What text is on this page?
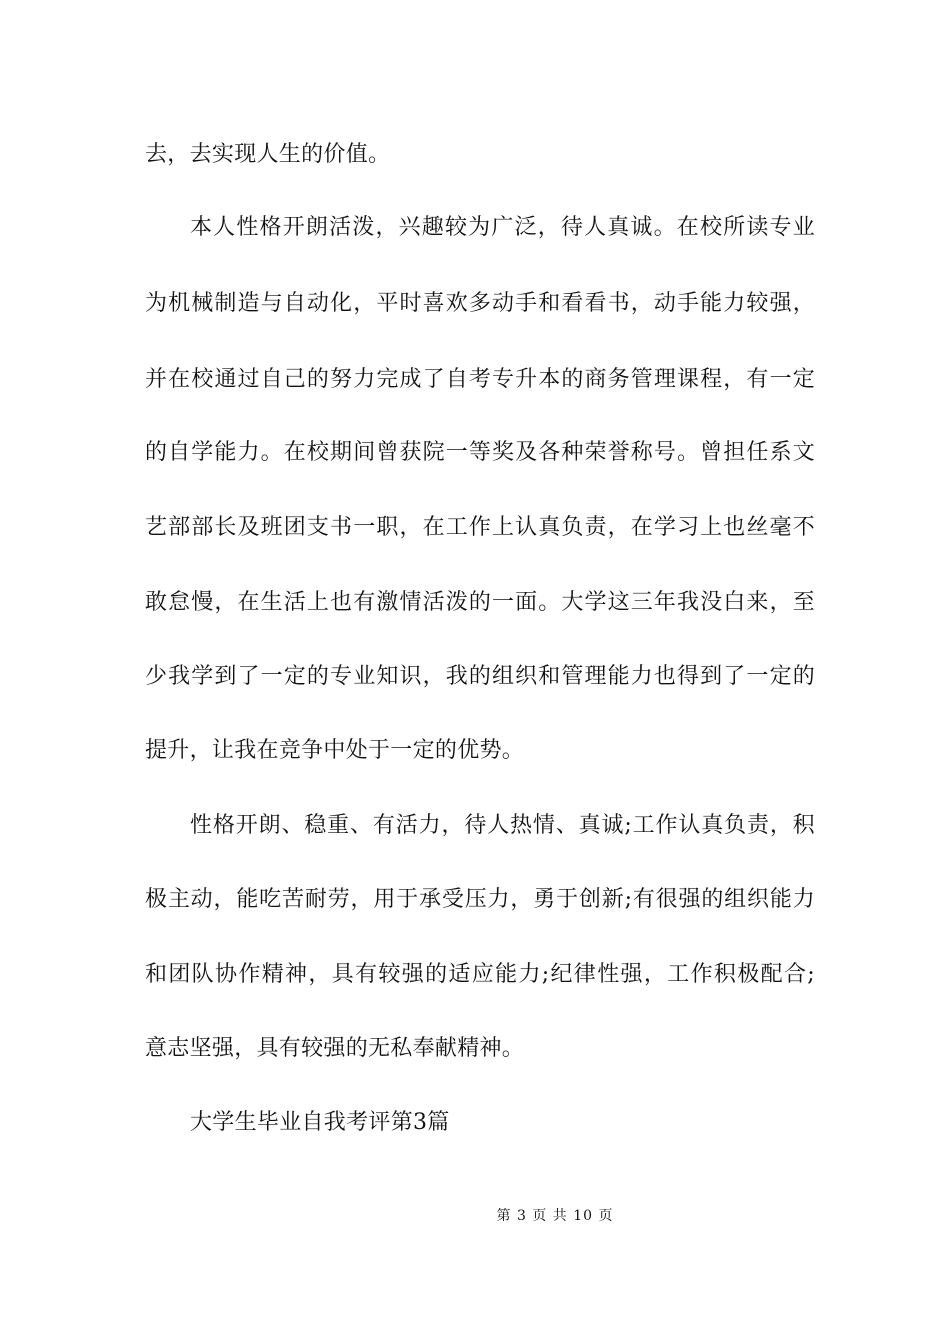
去，去实现人生的价值。
本人性格开朗活泼，兴趣较为广泛，待人真诚。在校所读专业
为机械制造与自动化，平时喜欢多动手和看看书，动手能力较强，
并在校通过自己的努力完成了自考专升本的商务管理课程，有一定
的自学能力。在校期间曾获院一等奖及各种荣誉称号。曾担任系文
艺部部长及班团支书一职，在工作上认真负责，在学习上也丝毫不
敢怠慢，在生活上也有激情活泼的一面。大学这三年我没白来，至
少我学到了一定的专业知识，我的组织和管理能力也得到了一定的
提升，让我在竞争中处于一定的优势。
性格开朗、稳重、有活力，待人热情、真诚;工作认真负责，积
极主动，能吃苦耐劳，用于承受压力，勇于创新;有很强的组织能力
和团队协作精神，具有较强的适应能力;纪律性强，工作积极配合;
意志坚强，具有较强的无私奉献精神。
大学生毕业自我考评第3篇
第 3 页 共 10 页
